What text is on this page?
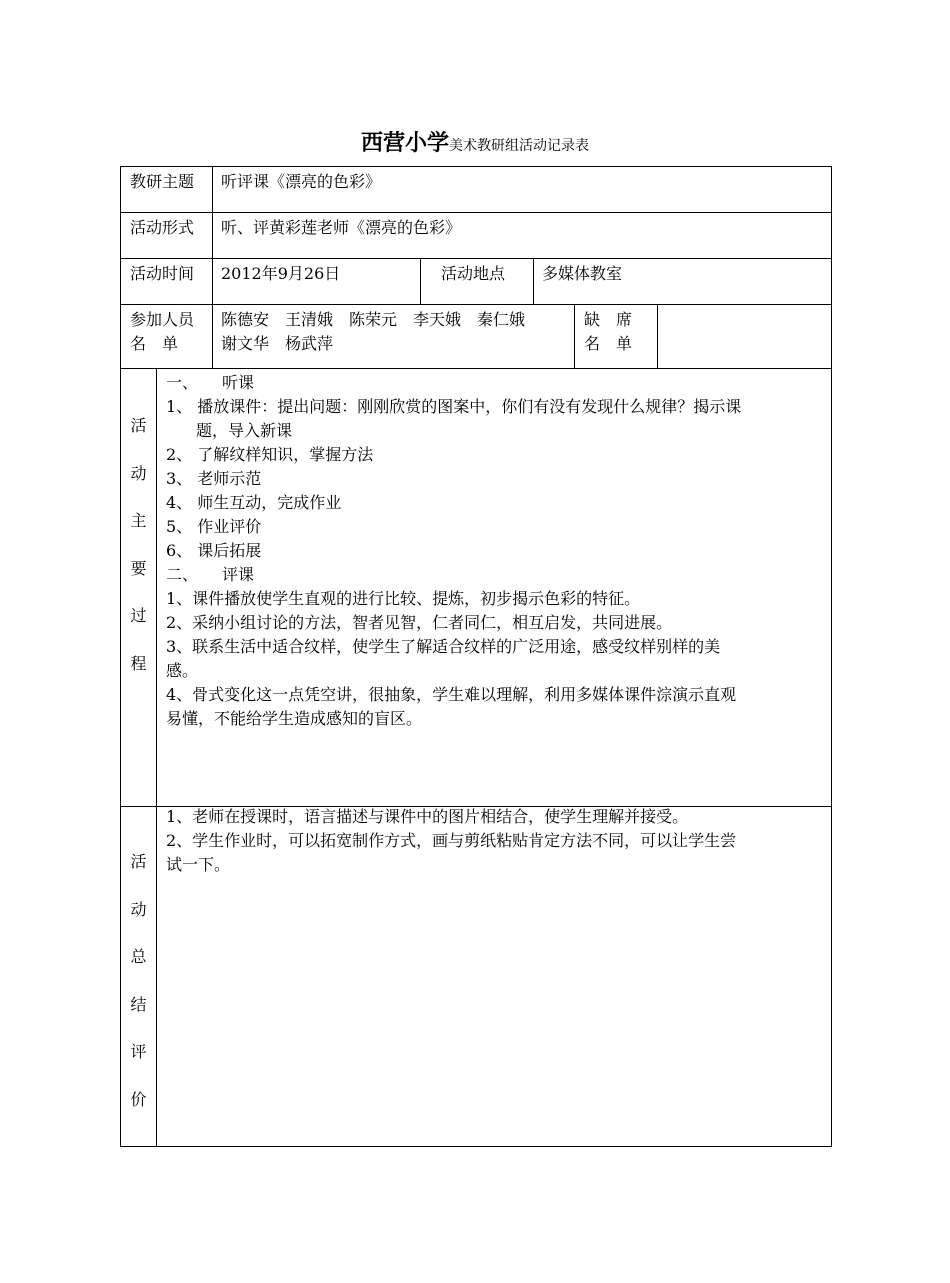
西营小学美术教研组活动记录表
教研主题 听评课《漂亮的色彩》
活动形式 听、评黄彩莲老师《漂亮的色彩》
活动时间 2012年9月26日	活动地点 多媒体教室
参加人员
名　单
陈德安　王清娥　陈荣元　李天娥　秦仁娥
谢文华　杨武萍
缺　席
名　单
活
动
主
要
过
程
一、　　听课
1、 播放课件：提出问题：刚刚欣赏的图案中，你们有没有发现什么规律？揭示课
题，导入新课
2、 了解纹样知识，掌握方法
3、 老师示范
4、 师生互动，完成作业
5、 作业评价
6、 课后拓展
二、　　评课
1、课件播放使学生直观的进行比较、提炼，初步揭示色彩的特征。
2、采纳小组讨论的方法，智者见智，仁者同仁，相互启发，共同进展。
3、联系生活中适合纹样，使学生了解适合纹样的广泛用途，感受纹样别样的美
感。
4、骨式变化这一点凭空讲，很抽象，学生难以理解，利用多媒体课件淙演示直观
易懂，不能给学生造成感知的盲区。
活
动
总
结
评
价
1、老师在授课时，语言描述与课件中的图片相结合，使学生理解并接受。
2、学生作业时，可以拓宽制作方式，画与剪纸粘贴肯定方法不同，可以让学生尝
试一下。
